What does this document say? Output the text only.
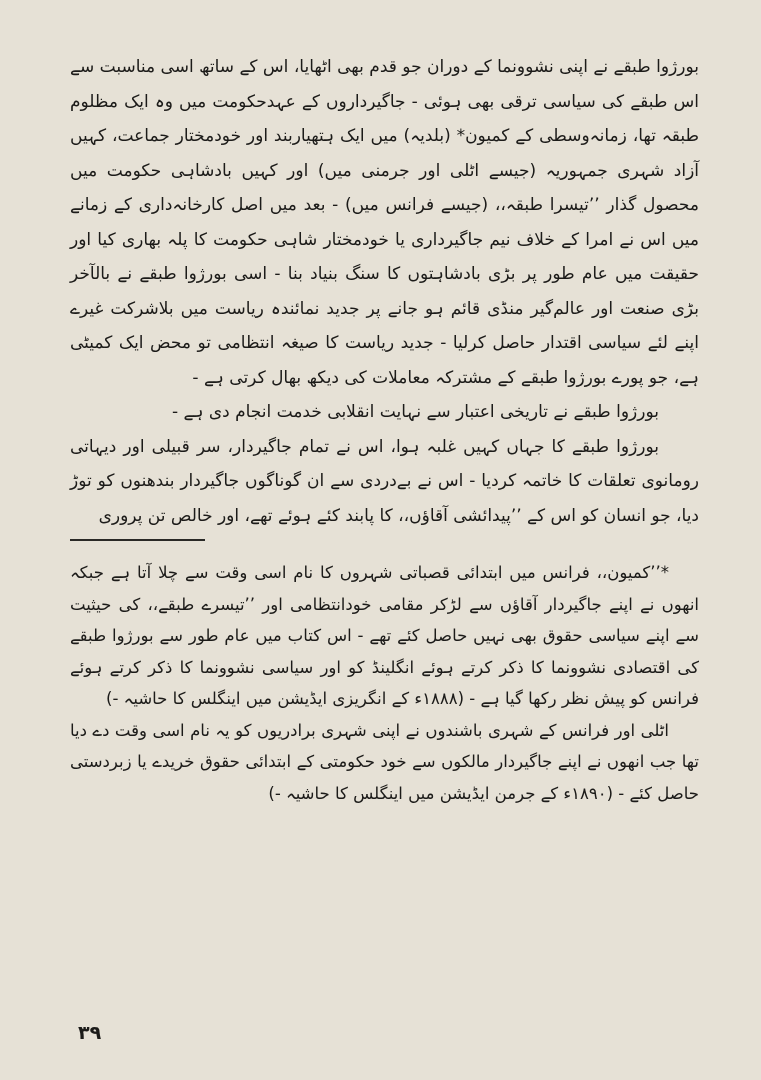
بورژوا طبقے نے اپنی نشوونما کے دوران جو قدم بھی اٹھایا، اس کے ساتھ اسی مناسبت سے اس طبقے کی سیاسی ترقی بھی ہوئی - جاگیرداروں کے عہدحکومت میں وہ ایک مظلوم طبقہ تھا، زمانہ‌وسطی کے کمیون* (بلدیہ) میں ایک ہتھیاربند اور خودمختار جماعت، کہیں آزاد شہری جمہوریہ (جیسے اٹلی اور جرمنی میں) اور کہیں بادشاہی حکومت میں محصول گذار ’’تیسرا طبقہ،، (جیسے فرانس میں) - بعد میں اصل کارخانہ‌داری کے زمانے میں اس نے امرا کے خلاف نیم جاگیرداری یا خودمختار شاہی حکومت کا پلہ بھاری کیا اور حقیقت میں عام طور پر بڑی بادشاہتوں کا سنگ بنیاد بنا - اسی بورژوا طبقے نے بالآخر بڑی صنعت اور عالم‌گیر منڈی قائم ہو جانے پر جدید نمائندہ ریاست میں بلاشرکت غیرے اپنے لئے سیاسی اقتدار حاصل کرلیا - جدید ریاست کا صیغہ انتظامی تو محض ایک کمیٹی ہے، جو پورے بورژوا طبقے کے مشترکہ معاملات کی دیکھ بھال کرتی ہے -

بورژوا طبقے نے تاریخی اعتبار سے نہایت انقلابی خدمت انجام دی ہے -

بورژوا طبقے کا جہاں کہیں غلبہ ہوا، اس نے تمام جاگیردار، سر قبیلی اور دیہاتی رومانوی تعلقات کا خاتمہ کردیا - اس نے بےدردی سے ان گوناگوں جاگیردار بندھنوں کو توڑ دیا، جو انسان کو اس کے ’’پیدائشی آقاؤں،، کا پابند کئے ہوئے تھے، اور خالص تن پروری

*’’کمیون،، فرانس میں ابتدائی قصباتی شہروں کا نام اسی وقت سے چلا آتا ہے جبکہ انھوں نے اپنے جاگیردار آقاؤں سے لڑکر مقامی خودانتظامی اور ’’تیسرے طبقے،، کی حیثیت سے اپنے سیاسی حقوق بھی نہیں حاصل کئے تھے - اس کتاب میں عام طور سے بورژوا طبقے کی اقتصادی نشوونما کا ذکر کرتے ہوئے انگلینڈ کو اور سیاسی نشوونما کا ذکر کرتے ہوئے فرانس کو پیش نظر رکھا گیا ہے - (۱۸۸۸ء کے انگریزی ایڈیشن میں اینگلس کا حاشیہ -)

اٹلی اور فرانس کے شہری باشندوں نے اپنی شہری برادریوں کو یہ نام اسی وقت دے دیا تھا جب انھوں نے اپنے جاگیردار مالکوں سے خود حکومتی کے ابتدائی حقوق خریدے یا زبردستی حاصل کئے - (۱۸۹۰ء کے جرمن ایڈیشن میں اینگلس کا حاشیہ -)

۳۹
